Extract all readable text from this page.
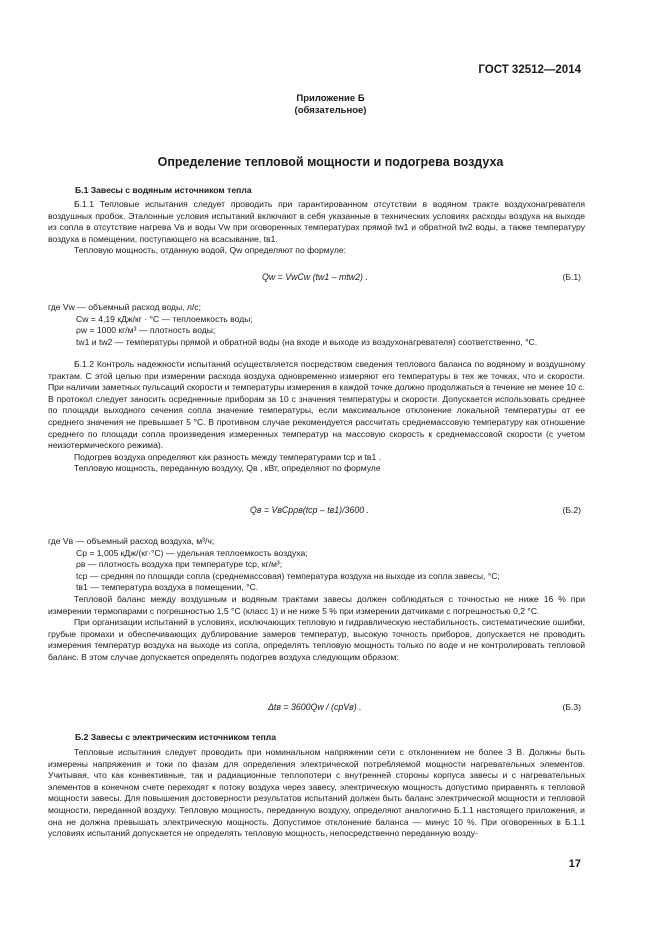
ГОСТ 32512—2014
Приложение Б
(обязательное)
Определение тепловой мощности и подогрева воздуха
Б.1 Завесы с водяным источником тепла

Б.1.1 Тепловые испытания следует проводить при гарантированном отсутствии в водяном тракте воздухонагревателя воздушных пробок. Эталонные условия испытаний включают в себя указанные в технических условиях расходы воздуха на выходе из сопла в отсутствие нагрева Vв и воды Vw при оговоренных температурах прямой tw1 и обратной tw2 воды, а также температуру воздуха в помещении, поступающего на всасывание, tв1.

Тепловую мощность, отданную водой, Qw определяют по формуле:

Qw = VwCw (tw1 – mtw2) .	(Б.1)
где Vw — объемный расход воды, л/с;
Cw = 4,19 кДж/кг · °С — теплоемкость воды;
ρw = 1000 кг/м³ — плотность воды;
tw1 и tw2 — температуры прямой и обратной воды (на входе и выходе из воздухонагревателя) соответственно, °С.

Б.1.2 Контроль надежности испытаний осуществляется посредством сведения теплового баланса по водяному и воздушному трактам. С этой целью при измерении расхода воздуха одновременно измеряют его температуры в тех же точках, что и скорости. При наличии заметных пульсаций скорости и температуры измерения в каждой точке должно продолжаться в течение не менее 10 с. В протокол следует заносить осредненные приборам за 10 с значения температуры и скорости. Допускается использовать среднее по площади выходного сечения сопла значение температуры, если максимальное отклонение локальной температуры от ее среднего значения не превышает 5 °С. В противном случае рекомендуется рассчитать среднемассовую температуру как отношение среднего по площади сопла произведения измеренных температур на массовую скорость к среднемассовой скорости (с учетом неизотермического режима).

Подогрев воздуха определяют как разность между температурами tср и tв1 .

Тепловую мощность, переданную воздуху, Qв , кВт, определяют по формуле

Qв = VвCрρв(tср – tв1)/3600 .	(Б.2)
где Vв — объемный расход воздуха, м³/ч;
Cр = 1,005 кДж/(кг·°С) — удельная теплоемкость воздуха;
ρв — плотность воздуха при температуре tср, кг/м³;
tср — средняя по площади сопла (среднемассовая) температура воздуха на выходе из сопла завесы, °С;
tв1 — температура воздуха в помещении, °С.

Тепловой баланс между воздушным и водяным трактами завесы должен соблюдаться с точностью не ниже 16 % при измерении термопарами с погрешностью 1,5 °С (класс 1) и не ниже 5 % при измерении датчиками с погрешностью 0,2 °С.

При организации испытаний в условиях, исключающих тепловую и гидравлическую нестабильность, систематические ошибки, грубые промахи и обеспечивающих дублирование замеров температур, высокую точность приборов, допускается не проводить измерения температур воздуха на выходе из сопла, определять тепловую мощность только по воде и не контролировать тепловой баланс. В этом случае допускается определять подогрев воздуха следующим образом:

Δtв = 3600Qw / (cрVв) .	(Б.3)
Б.2 Завесы с электрическим источником тепла

Тепловые испытания следует проводить при номинальном напряжении сети с отклонением не более 3 В. Должны быть измерены напряжения и токи по фазам для определения электрической потребляемой мощности нагревательных элементов. Учитывая, что как конвективные, так и радиационные теплопотери с внутренней стороны корпуса завесы и с нагревательных элементов в конечном счете переходят к потоку воздуха через завесу, электрическую мощность допустимо приравнять к тепловой мощности завесы. Для повышения достоверности результатов испытаний должен быть баланс электрической мощности и тепловой мощности, переданной воздуху. Тепловую мощность, переданную воздуху, определяют аналогично Б.1.1 настоящего приложения, и она не должна превышать электрическую мощность. Допустимое отклонение баланса — минус 10 %. При оговоренных в Б.1.1 условиях испытаний допускается не определять тепловую мощность, непосредственно переданную возду-

17
